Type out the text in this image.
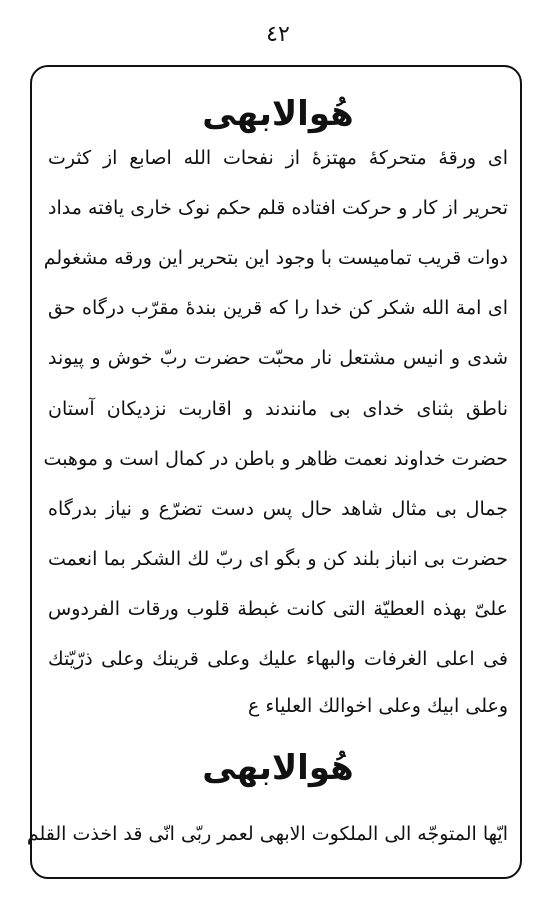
٤٢
هُوالابهی
ای ورقهٔ متحرکهٔ مهتزهٔ از نفحات الله اصابع از کثرت
تحریر از کار و حرکت افتاده قلم حکم نوک خاری یافته مداد
دوات قریب تمامیست با وجود این بتحریر این ورقه مشغولم
ای امة الله شکر کن خدا را که قرین بندهٔ مقرّب درگاه حق
شدی و انیس مشتعل نار محبّت حضرت ربّ خوش و پیوند
ناطق بثنای خدای بی مانندند و اقاربت نزدیکان آستان
حضرت خداوند نعمت ظاهر و باطن در کمال است و موهبت
جمال بی مثال شاهد حال پس دست تضرّع و نیاز بدرگاه
حضرت بی انباز بلند کن و بگو ای ربّ لك الشکر بما انعمت
علیّ بهذه العطیّة التی کانت غبطة قلوب ورقات الفردوس
فی اعلی الغرفات والبهاء علیك وعلی قرینك وعلی ذرّیّتك
وعلی ابیك وعلی اخوالك العلیاء ع
هُوالابهی
ایّها المتوجّه الی الملکوت الابهی لعمر ربّی انّی قد اخذت القلم
